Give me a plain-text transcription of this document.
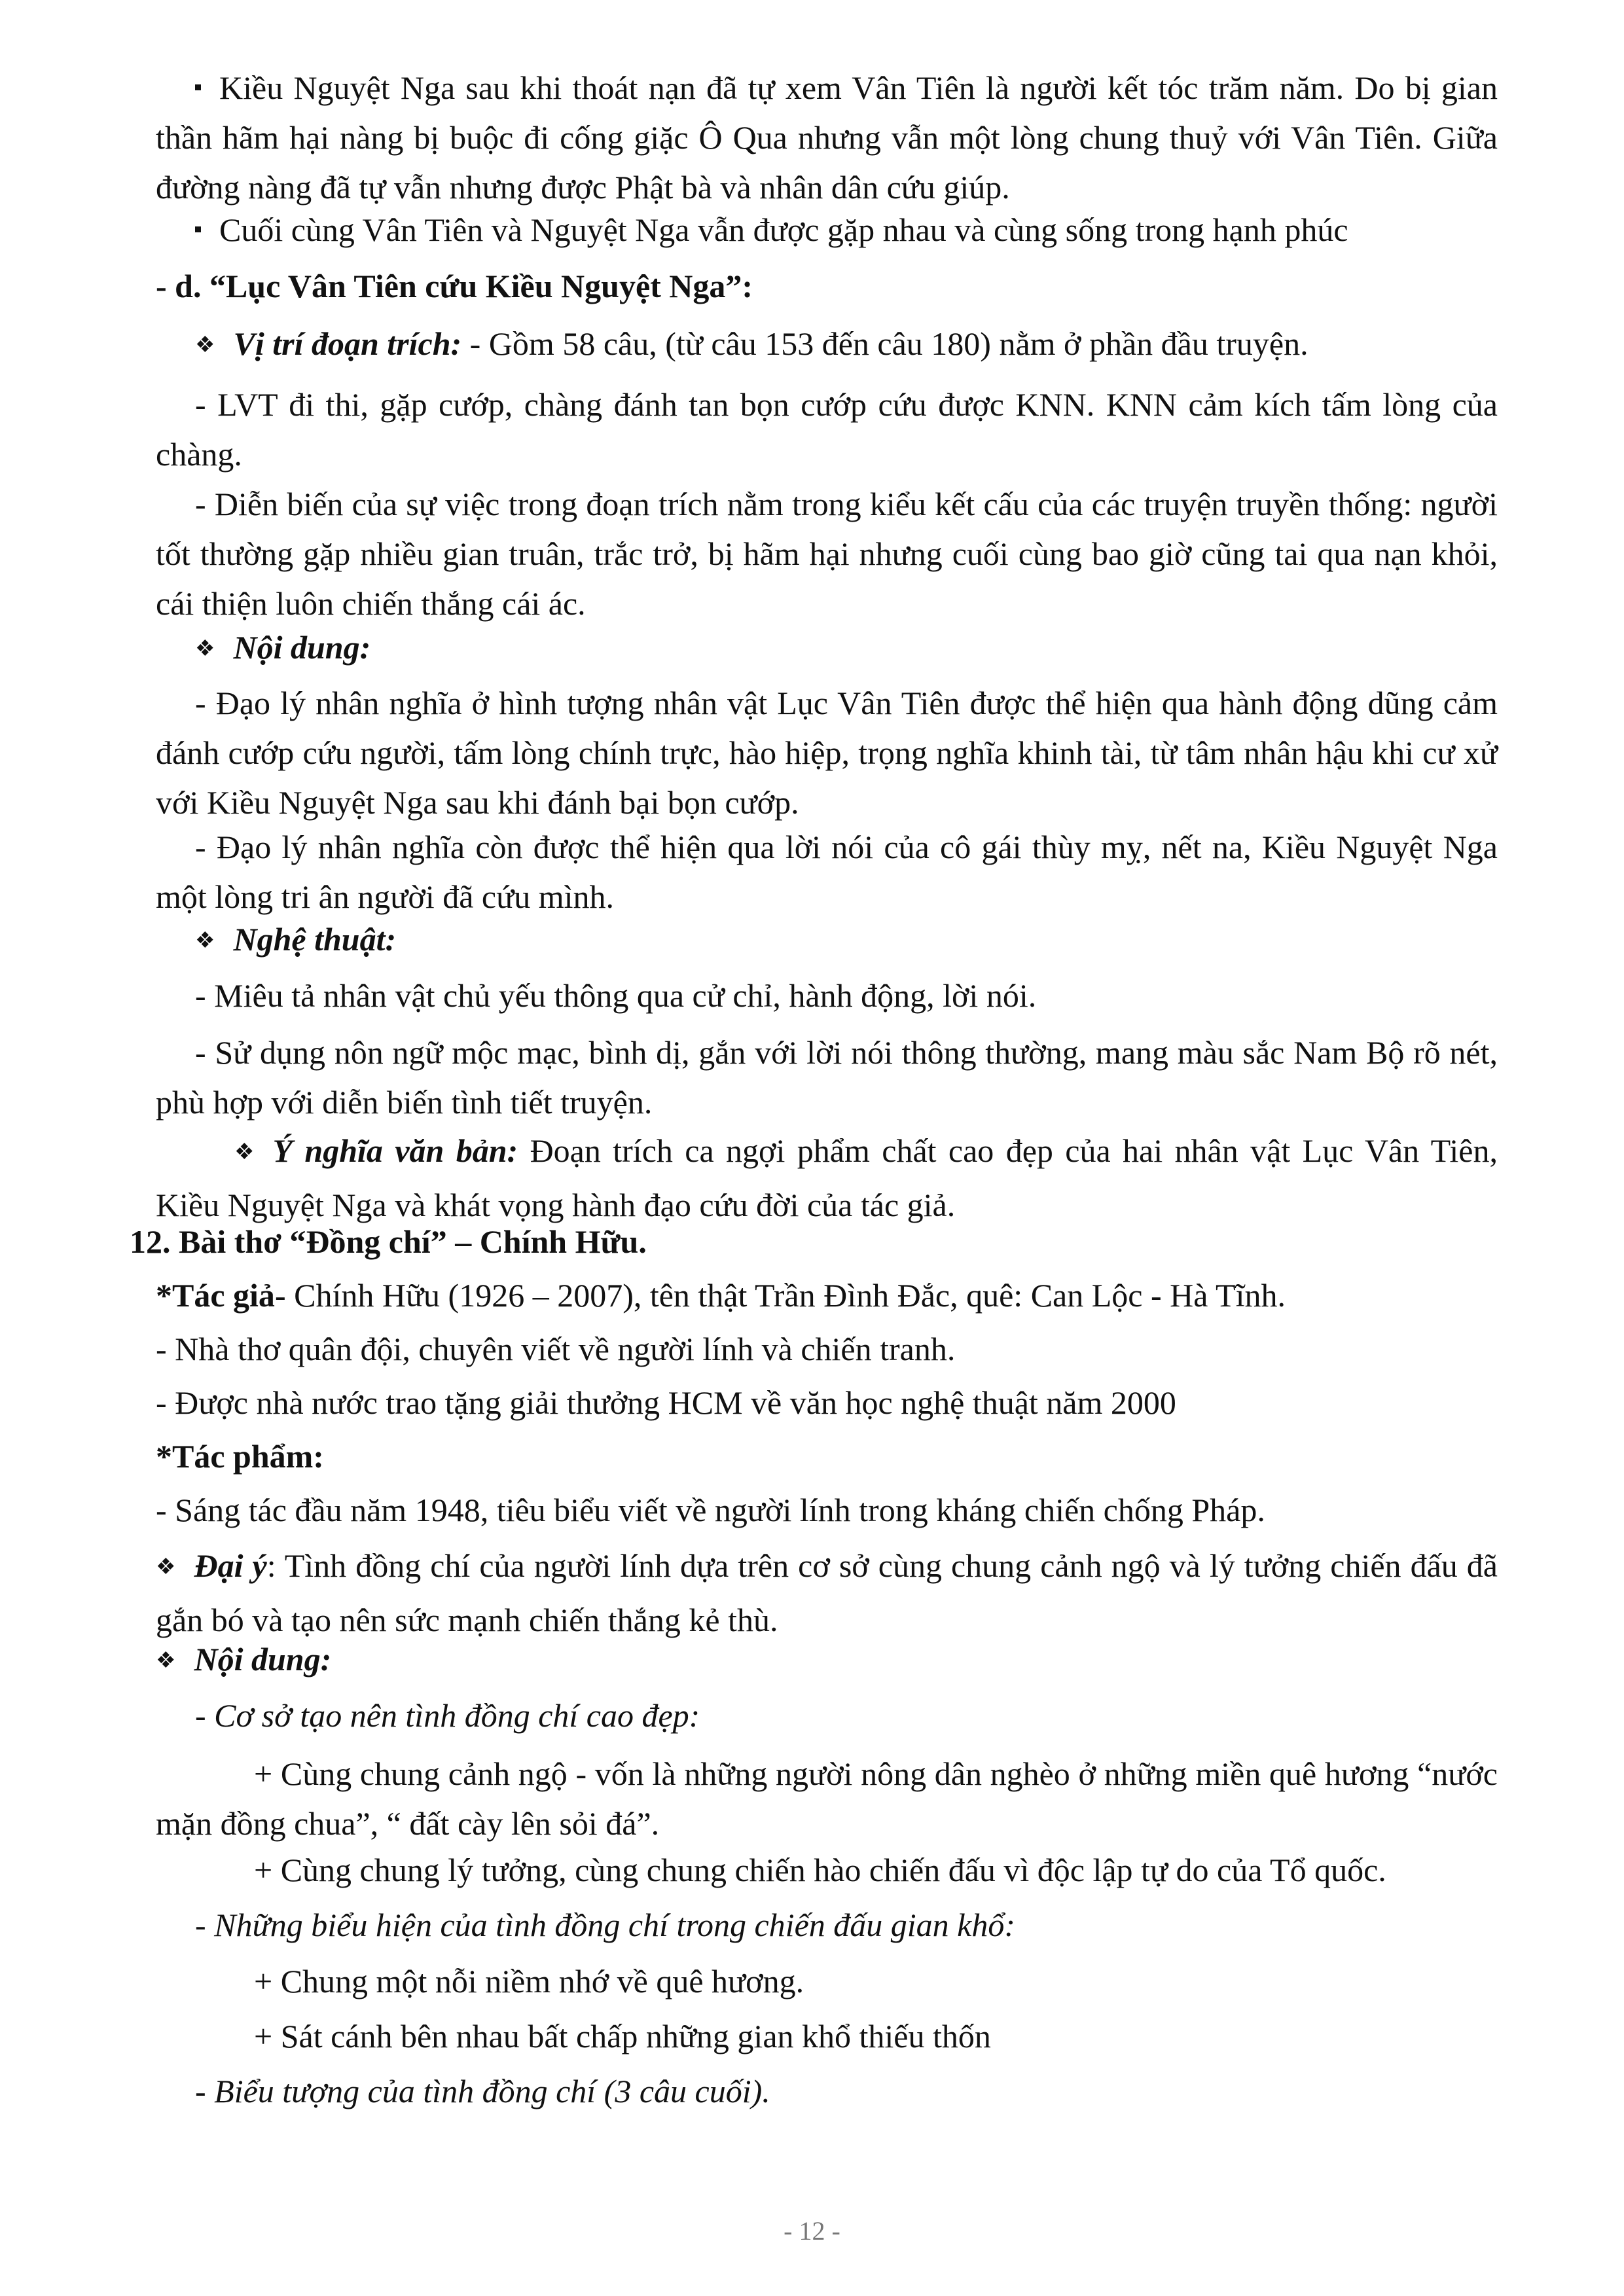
Kiều Nguyệt Nga sau khi thoát nạn đã tự xem Vân Tiên là người kết tóc trăm năm. Do bị gian thần hãm hại nàng bị buộc đi cống giặc Ô Qua nhưng vẫn một lòng chung thuỷ với Vân Tiên. Giữa đường nàng đã tự vẫn nhưng được Phật bà và nhân dân cứu giúp.
Cuối cùng Vân Tiên và Nguyệt Nga vẫn được gặp nhau và cùng sống trong hạnh phúc
- d. “Lục Vân Tiên cứu Kiều Nguyệt Nga”:
❖ Vị trí đoạn trích: - Gồm 58 câu, (từ câu 153 đến câu 180) nằm ở phần đầu truyện.
- LVT đi thi, gặp cướp, chàng đánh tan bọn cướp cứu được KNN. KNN cảm kích tấm lòng của chàng.
- Diễn biến của sự việc trong đoạn trích nằm trong kiểu kết cấu của các truyện truyền thống: người tốt thường gặp nhiều gian truân, trắc trở, bị hãm hại nhưng cuối cùng bao giờ cũng tai qua nạn khỏi, cái thiện luôn chiến thắng cái ác.
❖ Nội dung:
- Đạo lý nhân nghĩa ở hình tượng nhân vật Lục Vân Tiên được thể hiện qua hành động dũng cảm đánh cướp cứu người, tấm lòng chính trực, hào hiệp, trọng nghĩa khinh tài, từ tâm nhân hậu khi cư xử với Kiều Nguyệt Nga sau khi đánh bại bọn cướp.
- Đạo lý nhân nghĩa còn được thể hiện qua lời nói của cô gái thùy mỵ, nết na, Kiều Nguyệt Nga một lòng tri ân người đã cứu mình.
❖ Nghệ thuật:
- Miêu tả nhân vật chủ yếu thông qua cử chỉ, hành động, lời nói.
- Sử dụng nôn ngữ mộc mạc, bình dị, gắn với lời nói thông thường, mang màu sắc Nam Bộ rõ nét, phù hợp với diễn biến tình tiết truyện.
❖ Ý nghĩa văn bản: Đoạn trích ca ngợi phẩm chất cao đẹp của hai nhân vật Lục Vân Tiên, Kiều Nguyệt Nga và khát vọng hành đạo cứu đời của tác giả.
12. Bài thơ “Đồng chí” – Chính Hữu.
*Tác giả- Chính Hữu (1926 – 2007), tên thật Trần Đình Đắc, quê: Can Lộc - Hà Tĩnh.
- Nhà thơ quân đội, chuyên viết về người lính và chiến tranh.
- Được nhà nước trao tặng giải thưởng HCM về văn học nghệ thuật năm 2000
*Tác phẩm:
- Sáng tác đầu năm 1948, tiêu biểu viết về người lính trong kháng chiến chống Pháp.
❖ Đại ý: Tình đồng chí của người lính dựa trên cơ sở cùng chung cảnh ngộ và lý tưởng chiến đấu đã gắn bó và tạo nên sức mạnh chiến thắng kẻ thù.
❖ Nội dung:
- Cơ sở tạo nên tình đồng chí cao đẹp:
+ Cùng chung cảnh ngộ - vốn là những người nông dân nghèo ở những miền quê hương “nước mặn đồng chua”, “ đất cày lên sỏi đá”.
+ Cùng chung lý tưởng, cùng chung chiến hào chiến đấu vì độc lập tự do của Tổ quốc.
- Những biểu hiện của tình đồng chí trong chiến đấu gian khổ:
+ Chung một nỗi niềm nhớ về quê hương.
+ Sát cánh bên nhau bất chấp những gian khổ thiếu thốn
- Biểu tượng của tình đồng chí (3 câu cuối).
- 12 -
